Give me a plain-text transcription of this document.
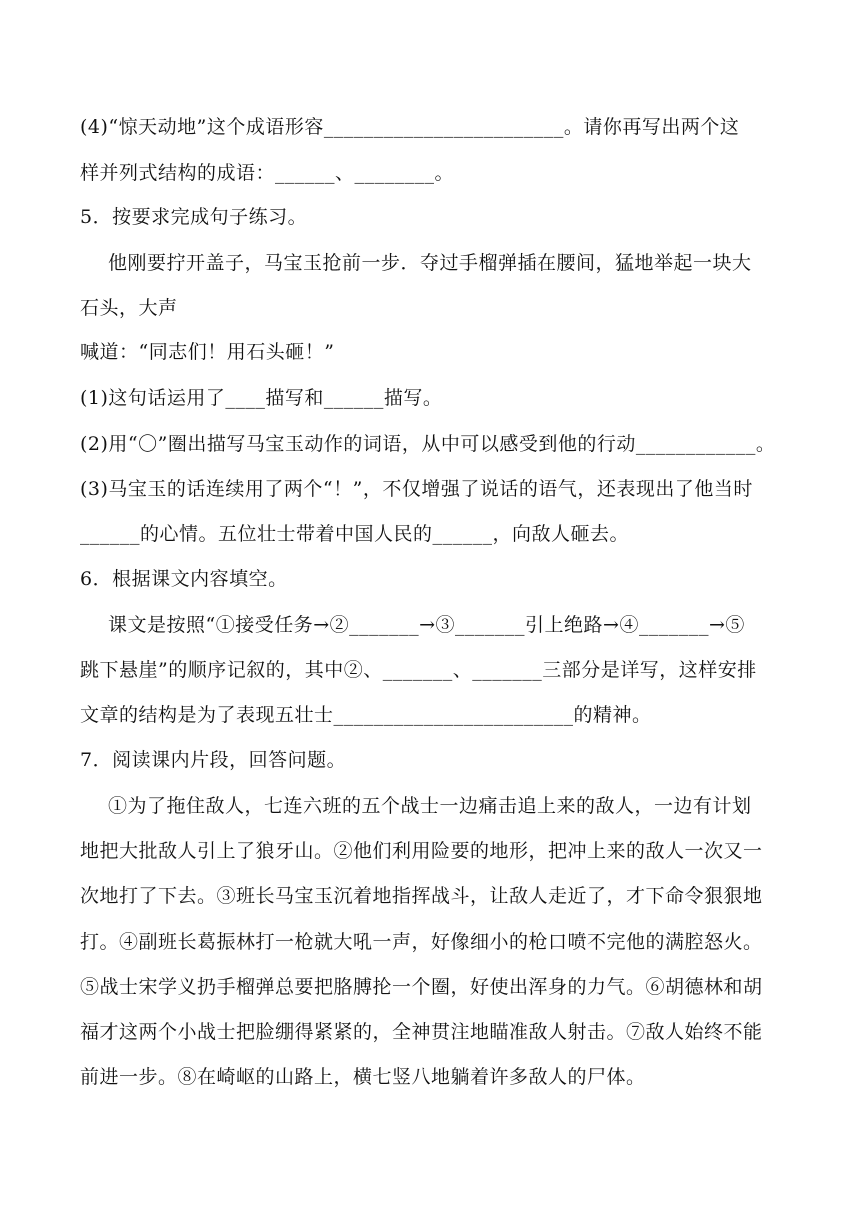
(4)“惊天动地”这个成语形容________________________。请你再写出两个这
样并列式结构的成语：______、________。
5．按要求完成句子练习。
他刚要拧开盖子，马宝玉抢前一步．夺过手榴弹插在腰间，猛地举起一块大
石头，大声
喊道：“同志们！用石头砸！”
(1)这句话运用了____描写和______描写。
(2)用“〇”圈出描写马宝玉动作的词语，从中可以感受到他的行动____________。
(3)马宝玉的话连续用了两个“！”，不仅增强了说话的语气，还表现出了他当时
______的心情。五位壮士带着中国人民的______，向敌人砸去。
6．根据课文内容填空。
课文是按照“①接受任务→②_______→③_______引上绝路→④_______→⑤
跳下悬崖”的顺序记叙的，其中②、_______、_______三部分是详写，这样安排
文章的结构是为了表现五壮士________________________的精神。
7．阅读课内片段，回答问题。
①为了拖住敌人，七连六班的五个战士一边痛击追上来的敌人，一边有计划
地把大批敌人引上了狼牙山。②他们利用险要的地形，把冲上来的敌人一次又一
次地打了下去。③班长马宝玉沉着地指挥战斗，让敌人走近了，才下命令狠狠地
打。④副班长葛振林打一枪就大吼一声，好像细小的枪口喷不完他的满腔怒火。
⑤战士宋学义扔手榴弹总要把胳膊抡一个圈，好使出浑身的力气。⑥胡德林和胡
福才这两个小战士把脸绷得紧紧的，全神贯注地瞄准敌人射击。⑦敌人始终不能
前进一步。⑧在崎岖的山路上，横七竖八地躺着许多敌人的尸体。
